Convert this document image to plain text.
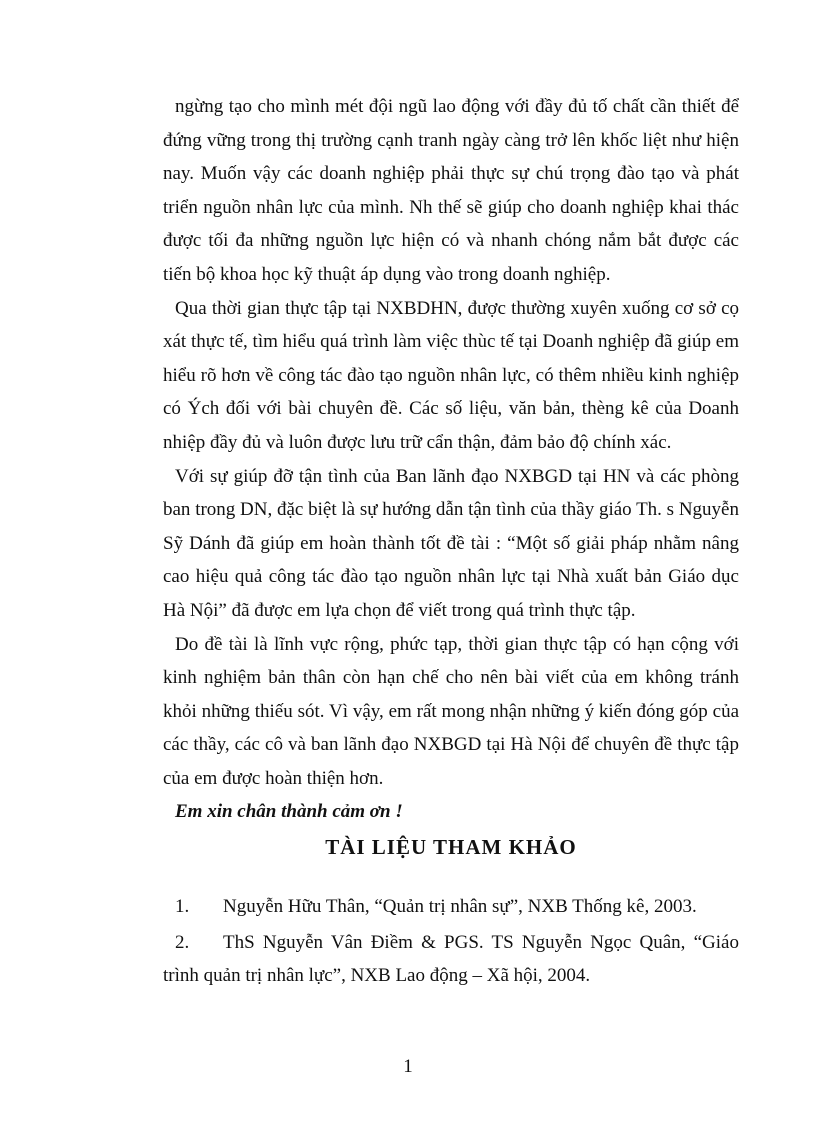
ngừng tạo cho mình mét đội ngũ lao động với đầy đủ tố chất cần thiết để đứng vững trong thị trường cạnh tranh ngày càng trở lên khốc liệt như hiện nay. Muốn vậy các doanh nghiệp phải thực sự chú trọng đào tạo và phát triển nguồn nhân lực của mình. Nh thế sẽ giúp cho doanh nghiệp khai thác được tối đa những nguồn lực hiện có và nhanh chóng nắm bắt được các tiến bộ khoa học kỹ thuật áp dụng vào trong doanh nghiệp.

Qua thời gian thực tập tại NXBDHN, được thường xuyên xuống cơ sở cọ xát thực tế, tìm hiểu quá trình làm việc thùc tế tại Doanh nghiệp đã giúp em hiểu rõ hơn về công tác đào tạo nguồn nhân lực, có thêm nhiều kinh nghiệp có Ých đối với bài chuyên đề. Các số liệu, văn bản, thèng kê của Doanh nhiệp đầy đủ và luôn được lưu trữ cẩn thận, đảm bảo độ chính xác.

Với sự giúp đỡ tận tình của Ban lãnh đạo NXBGD tại HN và các phòng ban trong DN, đặc biệt là sự hướng dẫn tận tình của thầy giáo Th. s Nguyễn Sỹ Dánh đã giúp em hoàn thành tốt đề tài : “Một số giải pháp nhằm nâng cao hiệu quả công tác đào tạo nguồn nhân lực tại Nhà xuất bản Giáo dục Hà Nội” đã được em lựa chọn để viết trong quá trình thực tập.

Do đề tài là lĩnh vực rộng, phức tạp, thời gian thực tập có hạn cộng với kinh nghiệm bản thân còn hạn chế cho nên bài viết của em không tránh khỏi những thiếu sót. Vì vậy, em rất mong nhận những ý kiến đóng góp của các thầy, các cô và ban lãnh đạo NXBGD tại Hà Nội để chuyên đề thực tập của em được hoàn thiện hơn.

Em xin chân thành cảm ơn !

TÀI LIỆU THAM KHẢO
1. Nguyễn Hữu Thân, “Quản trị nhân sự”, NXB Thống kê, 2003.
2. ThS Nguyễn Vân Điềm & PGS. TS Nguyễn Ngọc Quân, “Giáo trình quản trị nhân lực”, NXB Lao động – Xã hội, 2004.
1
